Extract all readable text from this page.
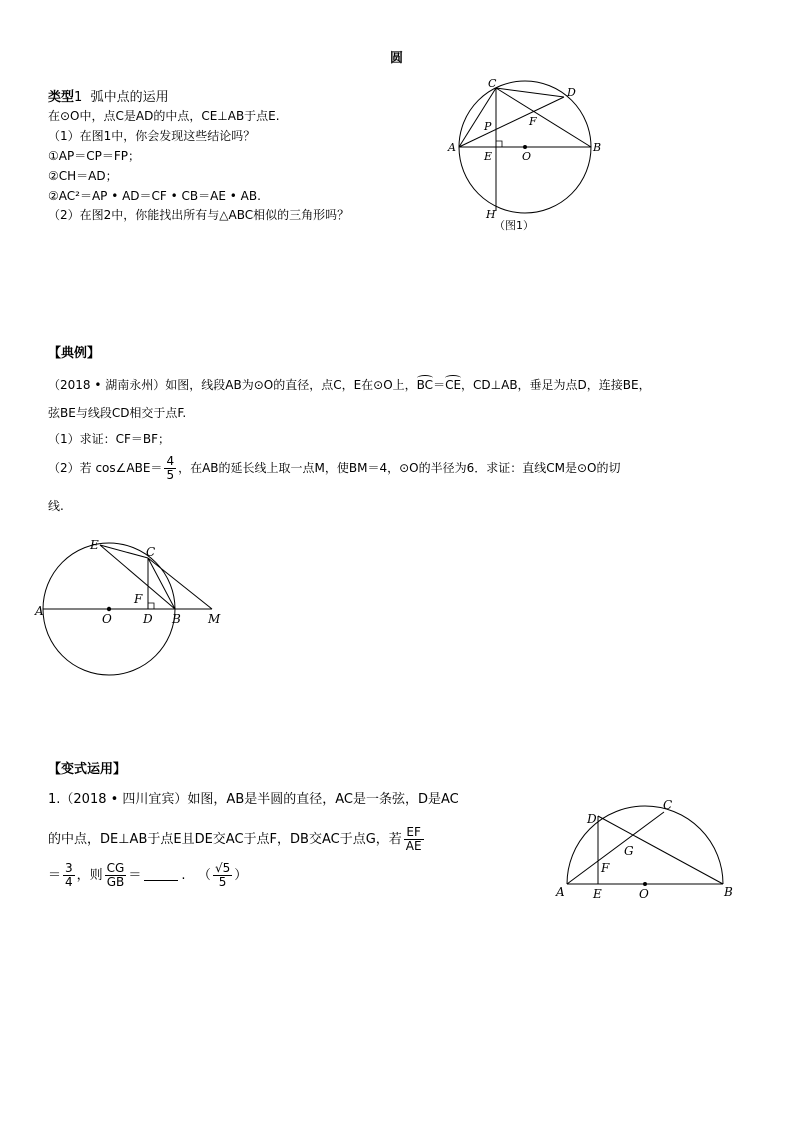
圆
类型1 弧中点的运用
在⊙O中，点C是AD的中点，CE⊥AB于点E.
（1）在图1中，你会发现这些结论吗？
①AP＝CP＝FP；
②CH＝AD；
②AC²＝AP • AD＝CF • CB＝AE • AB.
（2）在图2中，你能找出所有与△ABC相似的三角形吗？
C
D
A	B
P	F
E	O
H
（图1）
【典例】
（2018 • 湖南永州）如图，线段AB为⊙O的直径，点C，E在⊙O上，BC＝CE，CD⊥AB，垂足为点D，连接BE，
弦BE与线段CD相交于点F.
（1）求证：CF＝BF；
（2）若 cos∠ABE＝ $\frac{4}{5}$ ，在AB的延长线上取一点M，使BM＝4，⊙O的半径为6．求证：直线CM是⊙O的切
线.
E	C
A
F
O	D B M
【变式运用】
1.（2018 • 四川宜宾）如图，AB是半圆的直径，AC是一条弦，D是AC
的中点，DE⊥AB于点E且DE交AC于点F，DB交AC于点G，若 $\frac{EF}{AE}$
＝ $\frac{3}{4}$ ，则 $\frac{CG}{GB}$ ＝	. （ $\frac{√5}{5}$ ）
D
C
G
F
A E	O	B
